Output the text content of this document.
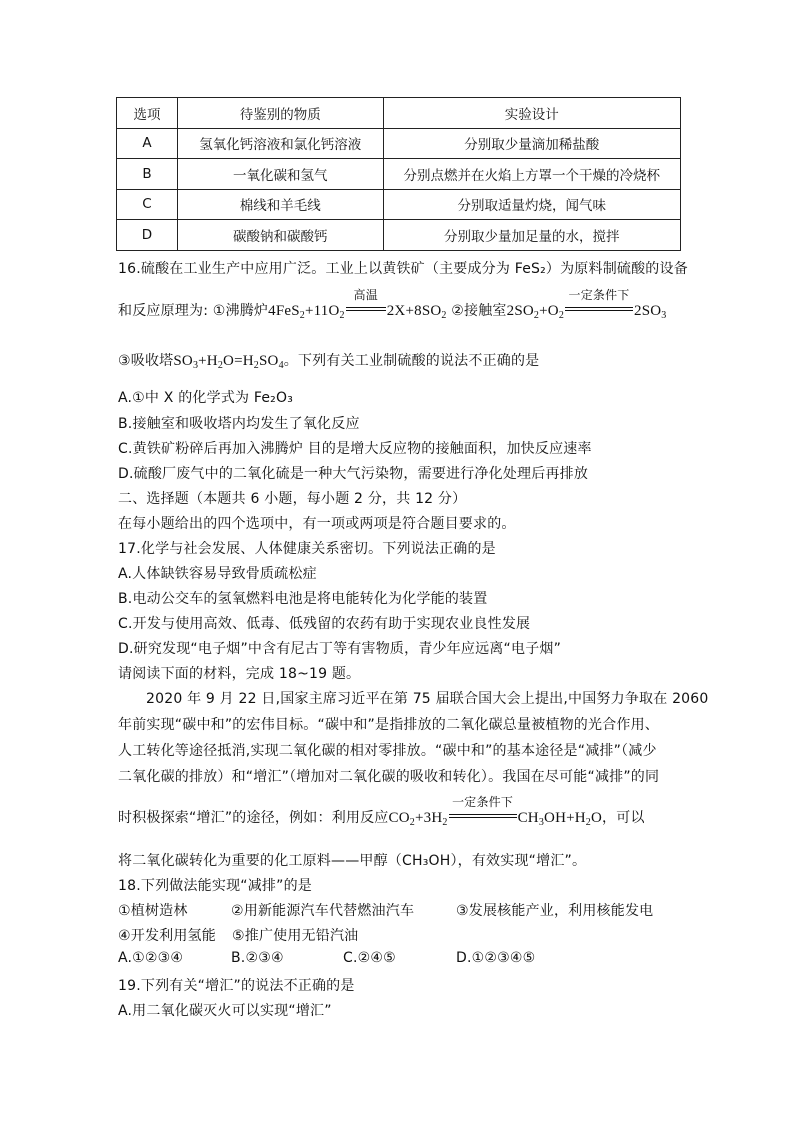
选项	待鉴别的物质	实验设计
A	氢氧化钙溶液和氯化钙溶液	分别取少量滴加稀盐酸
B	一氧化碳和氢气	分别点燃并在火焰上方罩一个干燥的冷烧杯
C	棉线和羊毛线	分别取适量灼烧，闻气味
D	碳酸钠和碳酸钙	分别取少量加足量的水，搅拌
16.硫酸在工业生产中应用广泛。工业上以黄铁矿（主要成分为 FeS₂）为原料制硫酸的设备
和反应原理为: ①沸腾炉$4FeS_2+11O_2$
高温
$2X+8SO_2$ ②接触室$2SO_2+O_2$
一定条件下
$2SO_3$
③吸收塔$SO_3+H_2O=H_2SO_4$。下列有关工业制硫酸的说法不正确的是
A.①中 X 的化学式为 Fe₂O₃
B.接触室和吸收塔内均发生了氧化反应
C.黄铁矿粉碎后再加入沸腾炉 目的是增大反应物的接触面积，加快反应速率
D.硫酸厂废气中的二氧化硫是一种大气污染物，需要进行净化处理后再排放
二、选择题（本题共 6 小题，每小题 2 分，共 12 分）
在每小题给出的四个选项中，有一项或两项是符合题目要求的。
17.化学与社会发展、人体健康关系密切。下列说法正确的是
A.人体缺铁容易导致骨质疏松症
B.电动公交车的氢氧燃料电池是将电能转化为化学能的装置
C.开发与使用高效、低毒、低残留的农药有助于实现农业良性发展
D.研究发现“电子烟”中含有尼古丁等有害物质，青少年应远离“电子烟”
请阅读下面的材料，完成 18~19 题。
2020 年 9 月 22 日,国家主席习近平在第 75 届联合国大会上提出,中国努力争取在 2060
年前实现“碳中和”的宏伟目标。“碳中和”是指排放的二氧化碳总量被植物的光合作用、
人工转化等途径抵消,实现二氧化碳的相对零排放。“碳中和”的基本途径是“减排”（减少
二氧化碳的排放）和“增汇”（增加对二氧化碳的吸收和转化）。我国在尽可能“减排”的同
时积极探索“增汇”的途径，例如：利用反应$CO_2+3H_2$
一定条件下
$CH_3OH+H_2O$，可以
将二氧化碳转化为重要的化工原料——甲醇（CH₃OH），有效实现“增汇”。
18.下列做法能实现“减排”的是
①植树造林	②用新能源汽车代替燃油汽车	③发展核能产业，利用核能发电
④开发利用氢能 ⑤推广使用无铅汽油
A.①②③④	B.②③④	C.②④⑤	D.①②③④⑤
19.下列有关“增汇”的说法不正确的是
A.用二氧化碳灭火可以实现“增汇”
